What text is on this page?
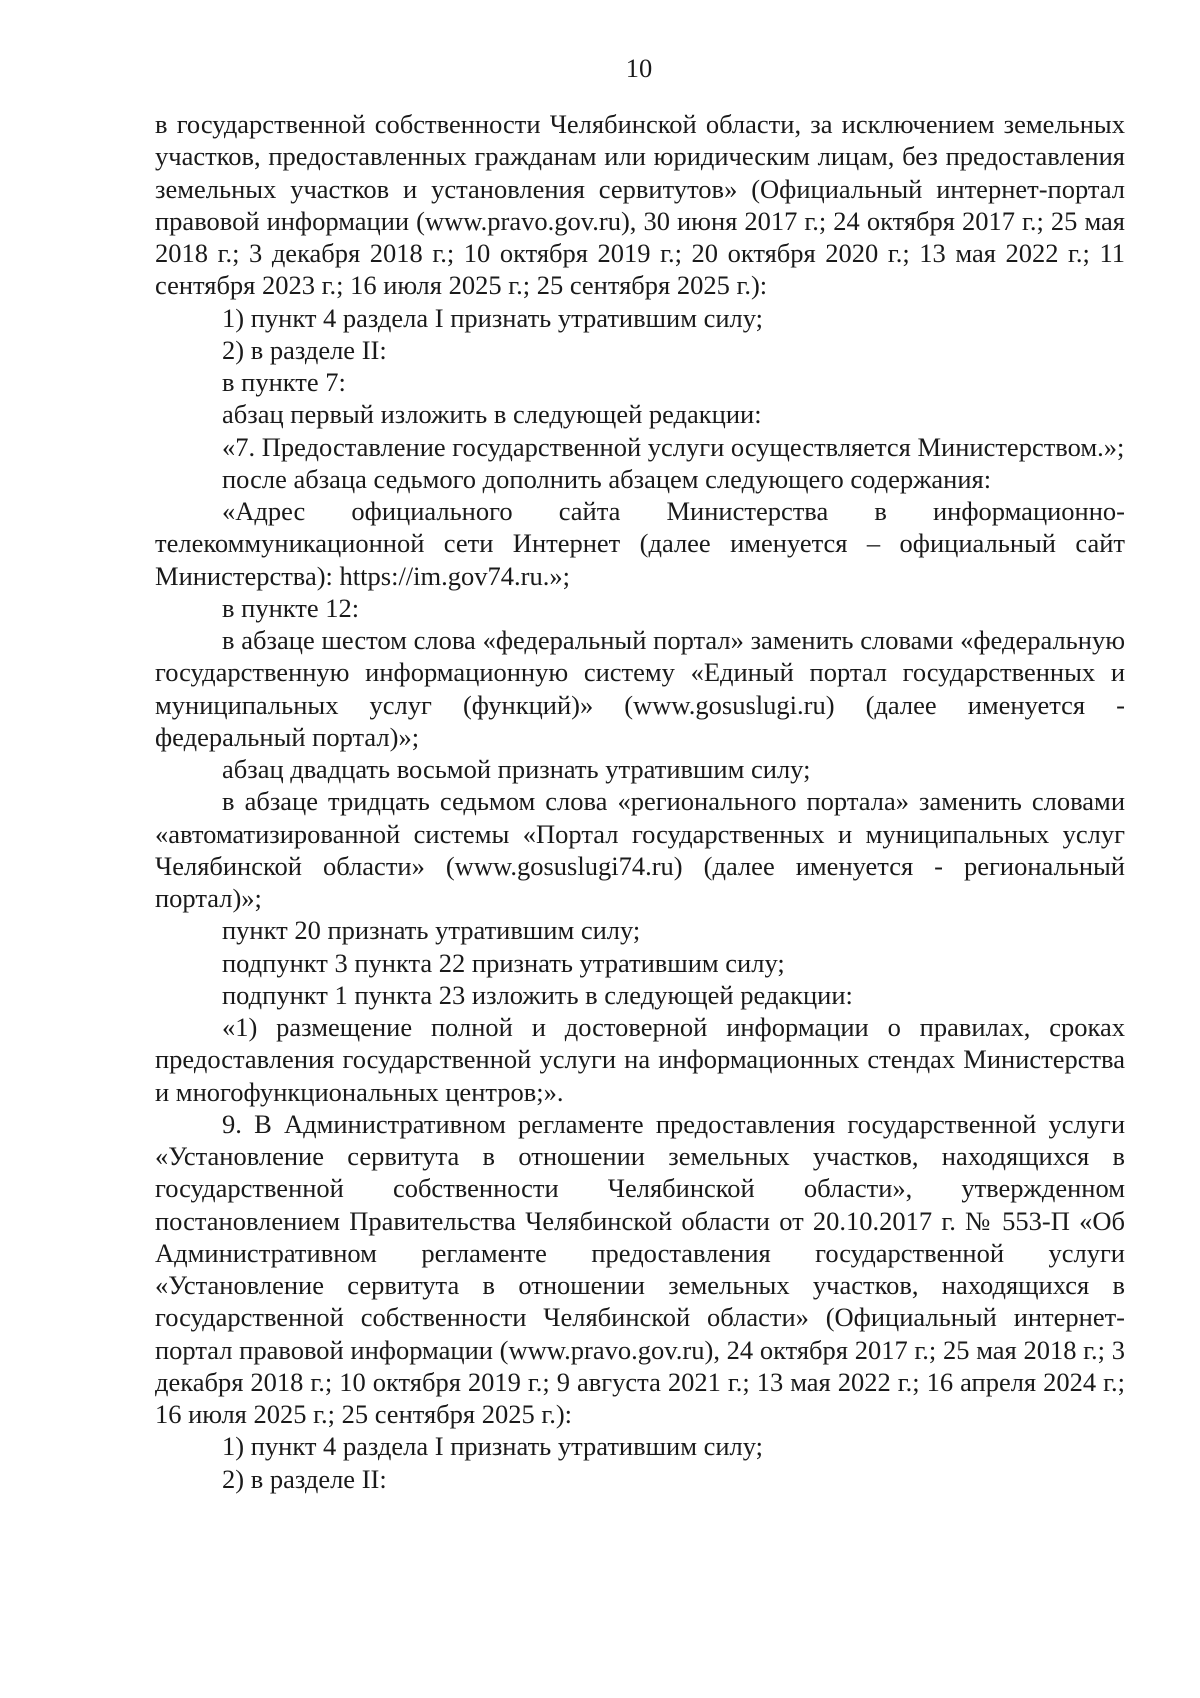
10

в государственной собственности Челябинской области, за исключением земельных участков, предоставленных гражданам или юридическим лицам, без предоставления земельных участков и установления сервитутов» (Официальный интернет-портал правовой информации (www.pravo.gov.ru), 30 июня 2017 г.; 24 октября 2017 г.; 25 мая 2018 г.; 3 декабря 2018 г.; 10 октября 2019 г.; 20 октября 2020 г.; 13 мая 2022 г.; 11 сентября 2023 г.; 16 июля 2025 г.; 25 сентября 2025 г.):

1) пункт 4 раздела I признать утратившим силу;

2) в разделе II:

в пункте 7:

абзац первый изложить в следующей редакции:

«7. Предоставление государственной услуги осуществляется Министерством.»;

после абзаца седьмого дополнить абзацем следующего содержания:

«Адрес официального сайта Министерства в информационно-телекоммуникационной сети Интернет (далее именуется – официальный сайт Министерства): https://im.gov74.ru.»;

в пункте 12:

в абзаце шестом слова «федеральный портал» заменить словами «федеральную государственную информационную систему «Единый портал государственных и муниципальных услуг (функций)» (www.gosuslugi.ru) (далее именуется - федеральный портал)»;

абзац двадцать восьмой признать утратившим силу;

в абзаце тридцать седьмом слова «регионального портала» заменить словами «автоматизированной системы «Портал государственных и муниципальных услуг Челябинской области» (www.gosuslugi74.ru) (далее именуется - региональный портал)»;

пункт 20 признать утратившим силу;

подпункт 3 пункта 22 признать утратившим силу;

подпункт 1 пункта 23 изложить в следующей редакции:

«1) размещение полной и достоверной информации о правилах, сроках предоставления государственной услуги на информационных стендах Министерства и многофункциональных центров;».

9. В Административном регламенте предоставления государственной услуги «Установление сервитута в отношении земельных участков, находящихся в государственной собственности Челябинской области», утвержденном постановлением Правительства Челябинской области от 20.10.2017 г. № 553-П «Об Административном регламенте предоставления государственной услуги «Установление сервитута в отношении земельных участков, находящихся в государственной собственности Челябинской области» (Официальный интернет-портал правовой информации (www.pravo.gov.ru), 24 октября 2017 г.; 25 мая 2018 г.; 3 декабря 2018 г.; 10 октября 2019 г.; 9 августа 2021 г.; 13 мая 2022 г.; 16 апреля 2024 г.; 16 июля 2025 г.; 25 сентября 2025 г.):

1) пункт 4 раздела I признать утратившим силу;

2) в разделе II:
